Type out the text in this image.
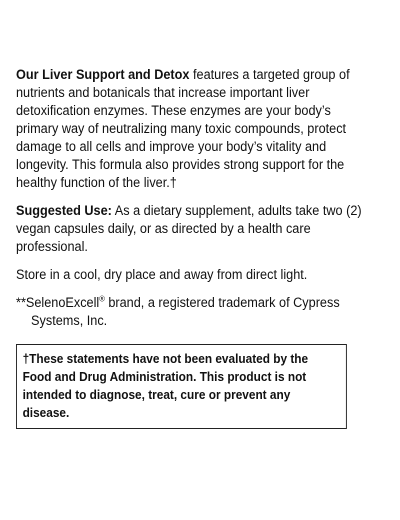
Our Liver Support and Detox features a targeted group of nutrients and botanicals that increase important liver detoxification enzymes. These enzymes are your body’s primary way of neutralizing many toxic compounds, protect damage to all cells and improve your body’s vitality and longevity. This formula also provides strong support for the healthy function of the liver.†

Suggested Use: As a dietary supplement, adults take two (2) vegan capsules daily, or as directed by a health care professional.

Store in a cool, dry place and away from direct light.

**SelenoExcell® brand, a registered trademark of Cypress Systems, Inc.

†These statements have not been evaluated by the Food and Drug Administration. This product is not intended to diagnose, treat, cure or prevent any disease.
